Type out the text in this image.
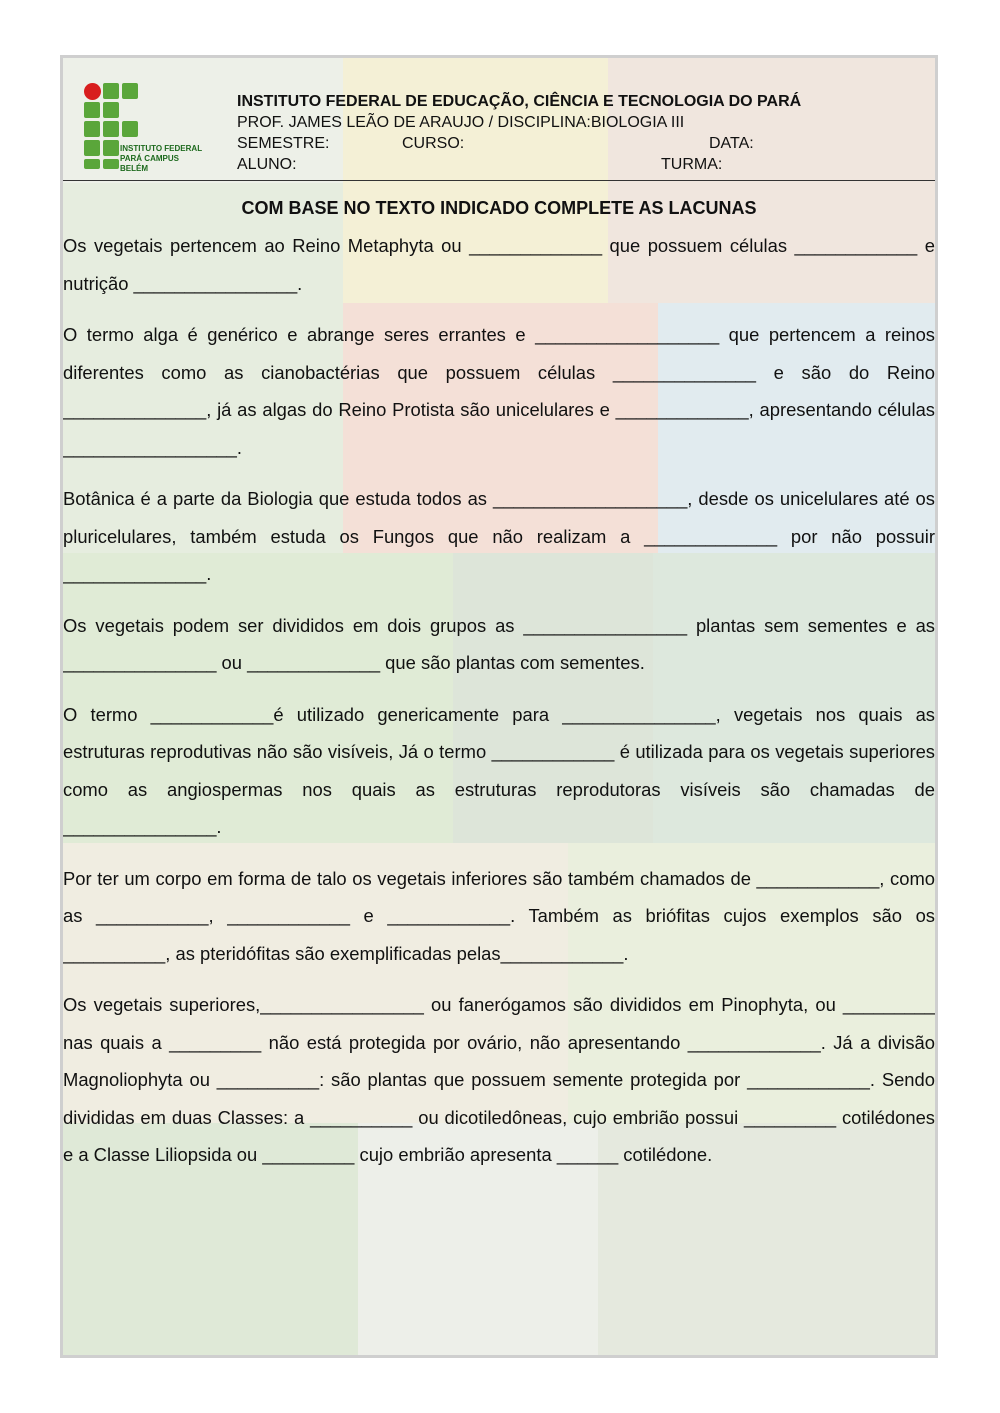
INSTITUTO FEDERAL
PARÁ CAMPUS BELÉM
INSTITUTO FEDERAL DE EDUCAÇÃO, CIÊNCIA E TECNOLOGIA DO PARÁ
PROF. JAMES LEÃO DE ARAUJO / DISCIPLINA:BIOLOGIA III
SEMESTRE:	CURSO:	DATA:
ALUNO:	TURMA:
COM BASE NO TEXTO INDICADO COMPLETE AS LACUNAS

Os vegetais pertencem ao Reino Metaphyta ou _____________ que possuem células ____________ e nutrição ________________.

O termo alga é genérico e abrange seres errantes e __________________ que pertencem a reinos diferentes como as cianobactérias que possuem células ______________ e são do Reino ______________, já as algas do Reino Protista são unicelulares e _____________, apresentando células _________________.

Botânica é a parte da Biologia que estuda todos as ___________________, desde os unicelulares até os pluricelulares, também estuda os Fungos que não realizam a _____________ por não possuir ______________.

Os vegetais podem ser divididos em dois grupos as ________________ plantas sem sementes e as _______________ ou _____________ que são plantas com sementes.

O termo ____________é utilizado genericamente para _______________, vegetais nos quais as estruturas reprodutivas não são visíveis, Já o termo ____________ é utilizada para os vegetais superiores como as angiospermas nos quais as estruturas reprodutoras visíveis são chamadas de _______________.

Por ter um corpo em forma de talo os vegetais inferiores são também chamados de ____________, como as ___________, ____________ e ____________. Também as briófitas cujos exemplos são os __________, as pteridófitas são exemplificadas pelas____________.

Os vegetais superiores,________________ ou fanerógamos são divididos em Pinophyta, ou _________ nas quais a _________ não está protegida por ovário, não apresentando _____________. Já a divisão Magnoliophyta ou __________: são plantas que possuem semente protegida por ____________. Sendo divididas em duas Classes: a __________ ou dicotiledôneas, cujo embrião possui _________ cotilédones e a Classe Liliopsida ou _________ cujo embrião apresenta ______ cotilédone.
